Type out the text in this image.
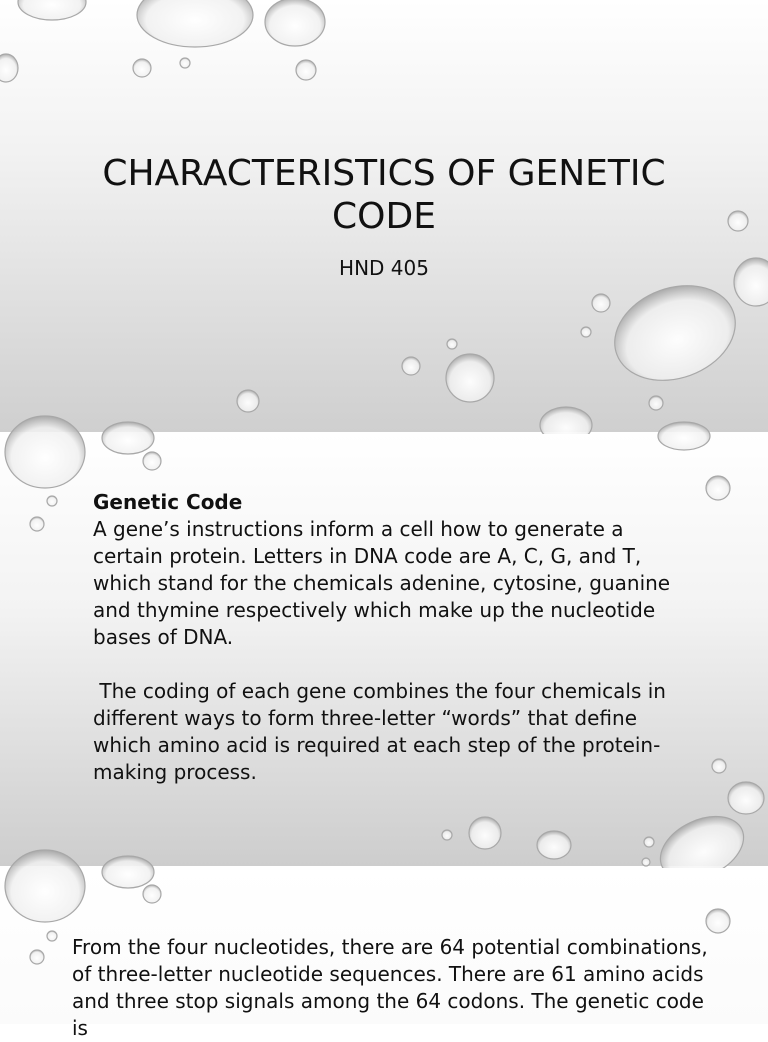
CHARACTERISTICS OF GENETIC CODE

HND 405

Genetic Code

A gene’s instructions inform a cell how to generate a certain protein. Letters in DNA code are A, C, G, and T, which stand for the chemicals adenine, cytosine, guanine and thymine respectively which make up the nucleotide bases of DNA.

The coding of each gene combines the four chemicals in different ways to form three-letter “words” that define which amino acid is required at each step of the protein-making process.

From the four nucleotides, there are 64 potential combinations, of three-letter nucleotide sequences. There are 61 amino acids and three stop signals among the 64 codons. The genetic code is
